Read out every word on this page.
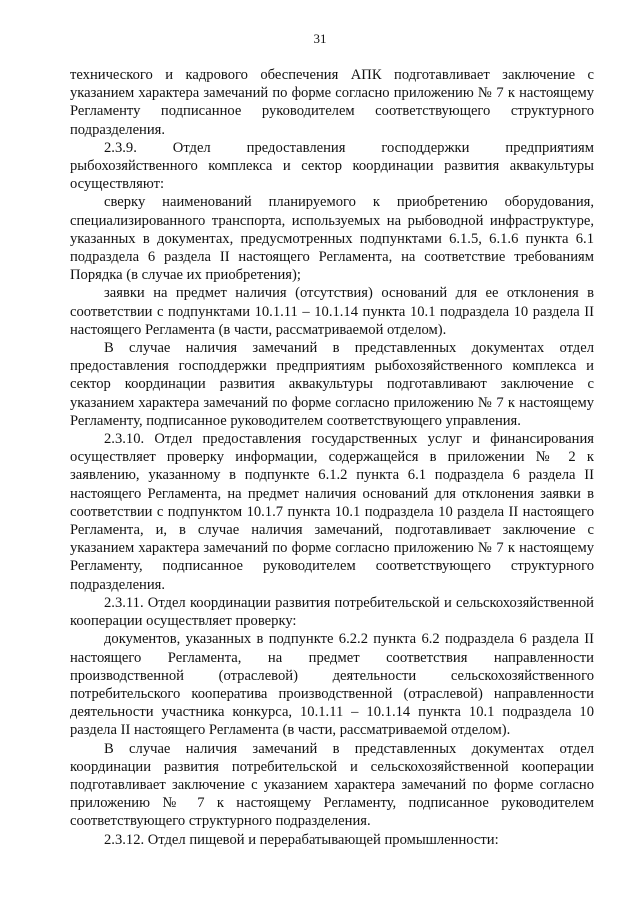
31

технического и кадрового обеспечения АПК подготавливает заключение с указанием характера замечаний по форме согласно приложению № 7 к настоящему Регламенту подписанное руководителем соответствующего структурного подразделения.

2.3.9. Отдел предоставления господдержки предприятиям рыбохозяйственного комплекса и сектор координации развития аквакультуры осуществляют:

сверку наименований планируемого к приобретению оборудования, специализированного транспорта, используемых на рыбоводной инфраструктуре, указанных в документах, предусмотренных подпунктами 6.1.5, 6.1.6 пункта 6.1 подраздела 6 раздела II настоящего Регламента, на соответствие требованиям Порядка (в случае их приобретения);

заявки на предмет наличия (отсутствия) оснований для ее отклонения в соответствии с подпунктами 10.1.11 – 10.1.14 пункта 10.1 подраздела 10 раздела II настоящего Регламента (в части, рассматриваемой отделом).

В случае наличия замечаний в представленных документах отдел предоставления господдержки предприятиям рыбохозяйственного комплекса и сектор координации развития аквакультуры подготавливают заключение с указанием характера замечаний по форме согласно приложению № 7 к настоящему Регламенту, подписанное руководителем соответствующего управления.

2.3.10. Отдел предоставления государственных услуг и финансирования осуществляет проверку информации, содержащейся в приложении № 2 к заявлению, указанному в подпункте 6.1.2 пункта 6.1 подраздела 6 раздела II настоящего Регламента, на предмет наличия оснований для отклонения заявки в соответствии с подпунктом 10.1.7 пункта 10.1 подраздела 10 раздела II настоящего Регламента, и, в случае наличия замечаний, подготавливает заключение с указанием характера замечаний по форме согласно приложению № 7 к настоящему Регламенту, подписанное руководителем соответствующего структурного подразделения.

2.3.11. Отдел координации развития потребительской и сельскохозяйственной кооперации осуществляет проверку:

документов, указанных в подпункте 6.2.2 пункта 6.2 подраздела 6 раздела II настоящего Регламента, на предмет соответствия направленности производственной (отраслевой) деятельности сельскохозяйственного потребительского кооператива производственной (отраслевой) направленности деятельности участника конкурса, 10.1.11 – 10.1.14 пункта 10.1 подраздела 10 раздела II настоящего Регламента (в части, рассматриваемой отделом).

В случае наличия замечаний в представленных документах отдел координации развития потребительской и сельскохозяйственной кооперации подготавливает заключение с указанием характера замечаний по форме согласно приложению № 7 к настоящему Регламенту, подписанное руководителем соответствующего структурного подразделения.

2.3.12. Отдел пищевой и перерабатывающей промышленности:
